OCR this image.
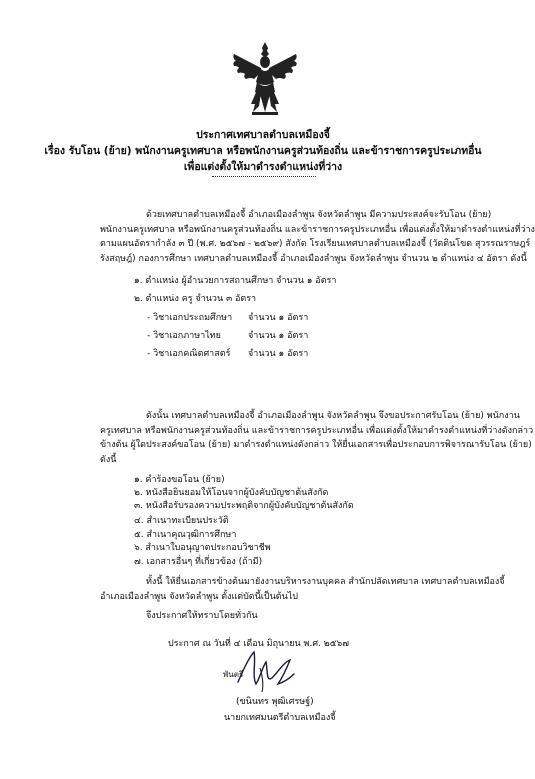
ประกาศเทศบาลตำบลเหมืองจี้
เรื่อง รับโอน (ย้าย) พนักงานครูเทศบาล หรือพนักงานครูส่วนท้องถิ่น และข้าราชการครูประเภทอื่น
เพื่อแต่งตั้งให้มาดำรงตำแหน่งที่ว่าง
ด้วยเทศบาลตำบลเหมืองจี้ อำเภอเมืองลำพูน จังหวัดลำพูน มีความประสงค์จะรับโอน (ย้าย)
พนักงานครูเทศบาล หรือพนักงานครูส่วนท้องถิ่น และข้าราชการครูประเภทอื่น เพื่อแต่งตั้งให้มาดำรงตำแหน่งที่ว่าง
ตามแผนอัตรากำลัง ๓ ปี (พ.ศ. ๒๕๖๗ - ๒๕๖๙) สังกัด โรงเรียนเทศบาลตำบลเหมืองจี้ (วัดดินโขด สุวรรณราษฎร์
รังสฤษฎ์) กองการศึกษา เทศบาลตำบลเหมืองจี้ อำเภอเมืองลำพูน จังหวัดลำพูน จำนวน ๒ ตำแหน่ง ๔ อัตรา ดังนี้
๑. ตำแหน่ง ผู้อำนวยการสถานศึกษา จำนวน ๑ อัตรา
๒. ตำแหน่ง ครู จำนวน ๓ อัตรา
- วิชาเอกประถมศึกษา จำนวน ๑ อัตรา
- วิชาเอกภาษาไทย	จำนวน ๑ อัตรา
- วิชาเอกคณิตศาสตร์ จำนวน ๑ อัตรา
ดังนั้น เทศบาลตำบลเหมืองจี้ อำเภอเมืองลำพูน จังหวัดลำพูน จึงขอประกาศรับโอน (ย้าย) พนักงาน
ครูเทศบาล หรือพนักงานครูส่วนท้องถิ่น และข้าราชการครูประเภทอื่น เพื่อแต่งตั้งให้มาดำรงตำแหน่งที่ว่างดังกล่าว
ข้างต้น ผู้ใดประสงค์ขอโอน (ย้าย) มาดำรงตำแหน่งดังกล่าว ให้ยื่นเอกสารเพื่อประกอบการพิจารณารับโอน (ย้าย)
ดังนี้
๑. คำร้องขอโอน (ย้าย)
๒. หนังสือยินยอมให้โอนจากผู้บังคับบัญชาต้นสังกัด
๓. หนังสือรับรองความประพฤติจากผู้บังคับบัญชาต้นสังกัด
๔. สำเนาทะเบียนประวัติ
๕. สำเนาคุณวุฒิการศึกษา
๖. สำเนาใบอนุญาตประกอบวิชาชีพ
๗. เอกสารอื่นๆ ที่เกี่ยวข้อง (ถ้ามี)
ทั้งนี้ ให้ยื่นเอกสารข้างต้นมายังงานบริหารงานบุคคล สำนักปลัดเทศบาล เทศบาลตำบลเหมืองจี้
อำเภอเมืองลำพูน จังหวัดลำพูน ตั้งแต่บัดนี้เป็นต้นไป
จึงประกาศให้ทราบโดยทั่วกัน
ประกาศ ณ วันที่ ๔ เดือน มิถุนายน พ.ศ. ๒๕๖๗
พันตรี
(ขนินทร พุฒิเศรษฐ์)
นายกเทศมนตรีตำบลเหมืองจี้
